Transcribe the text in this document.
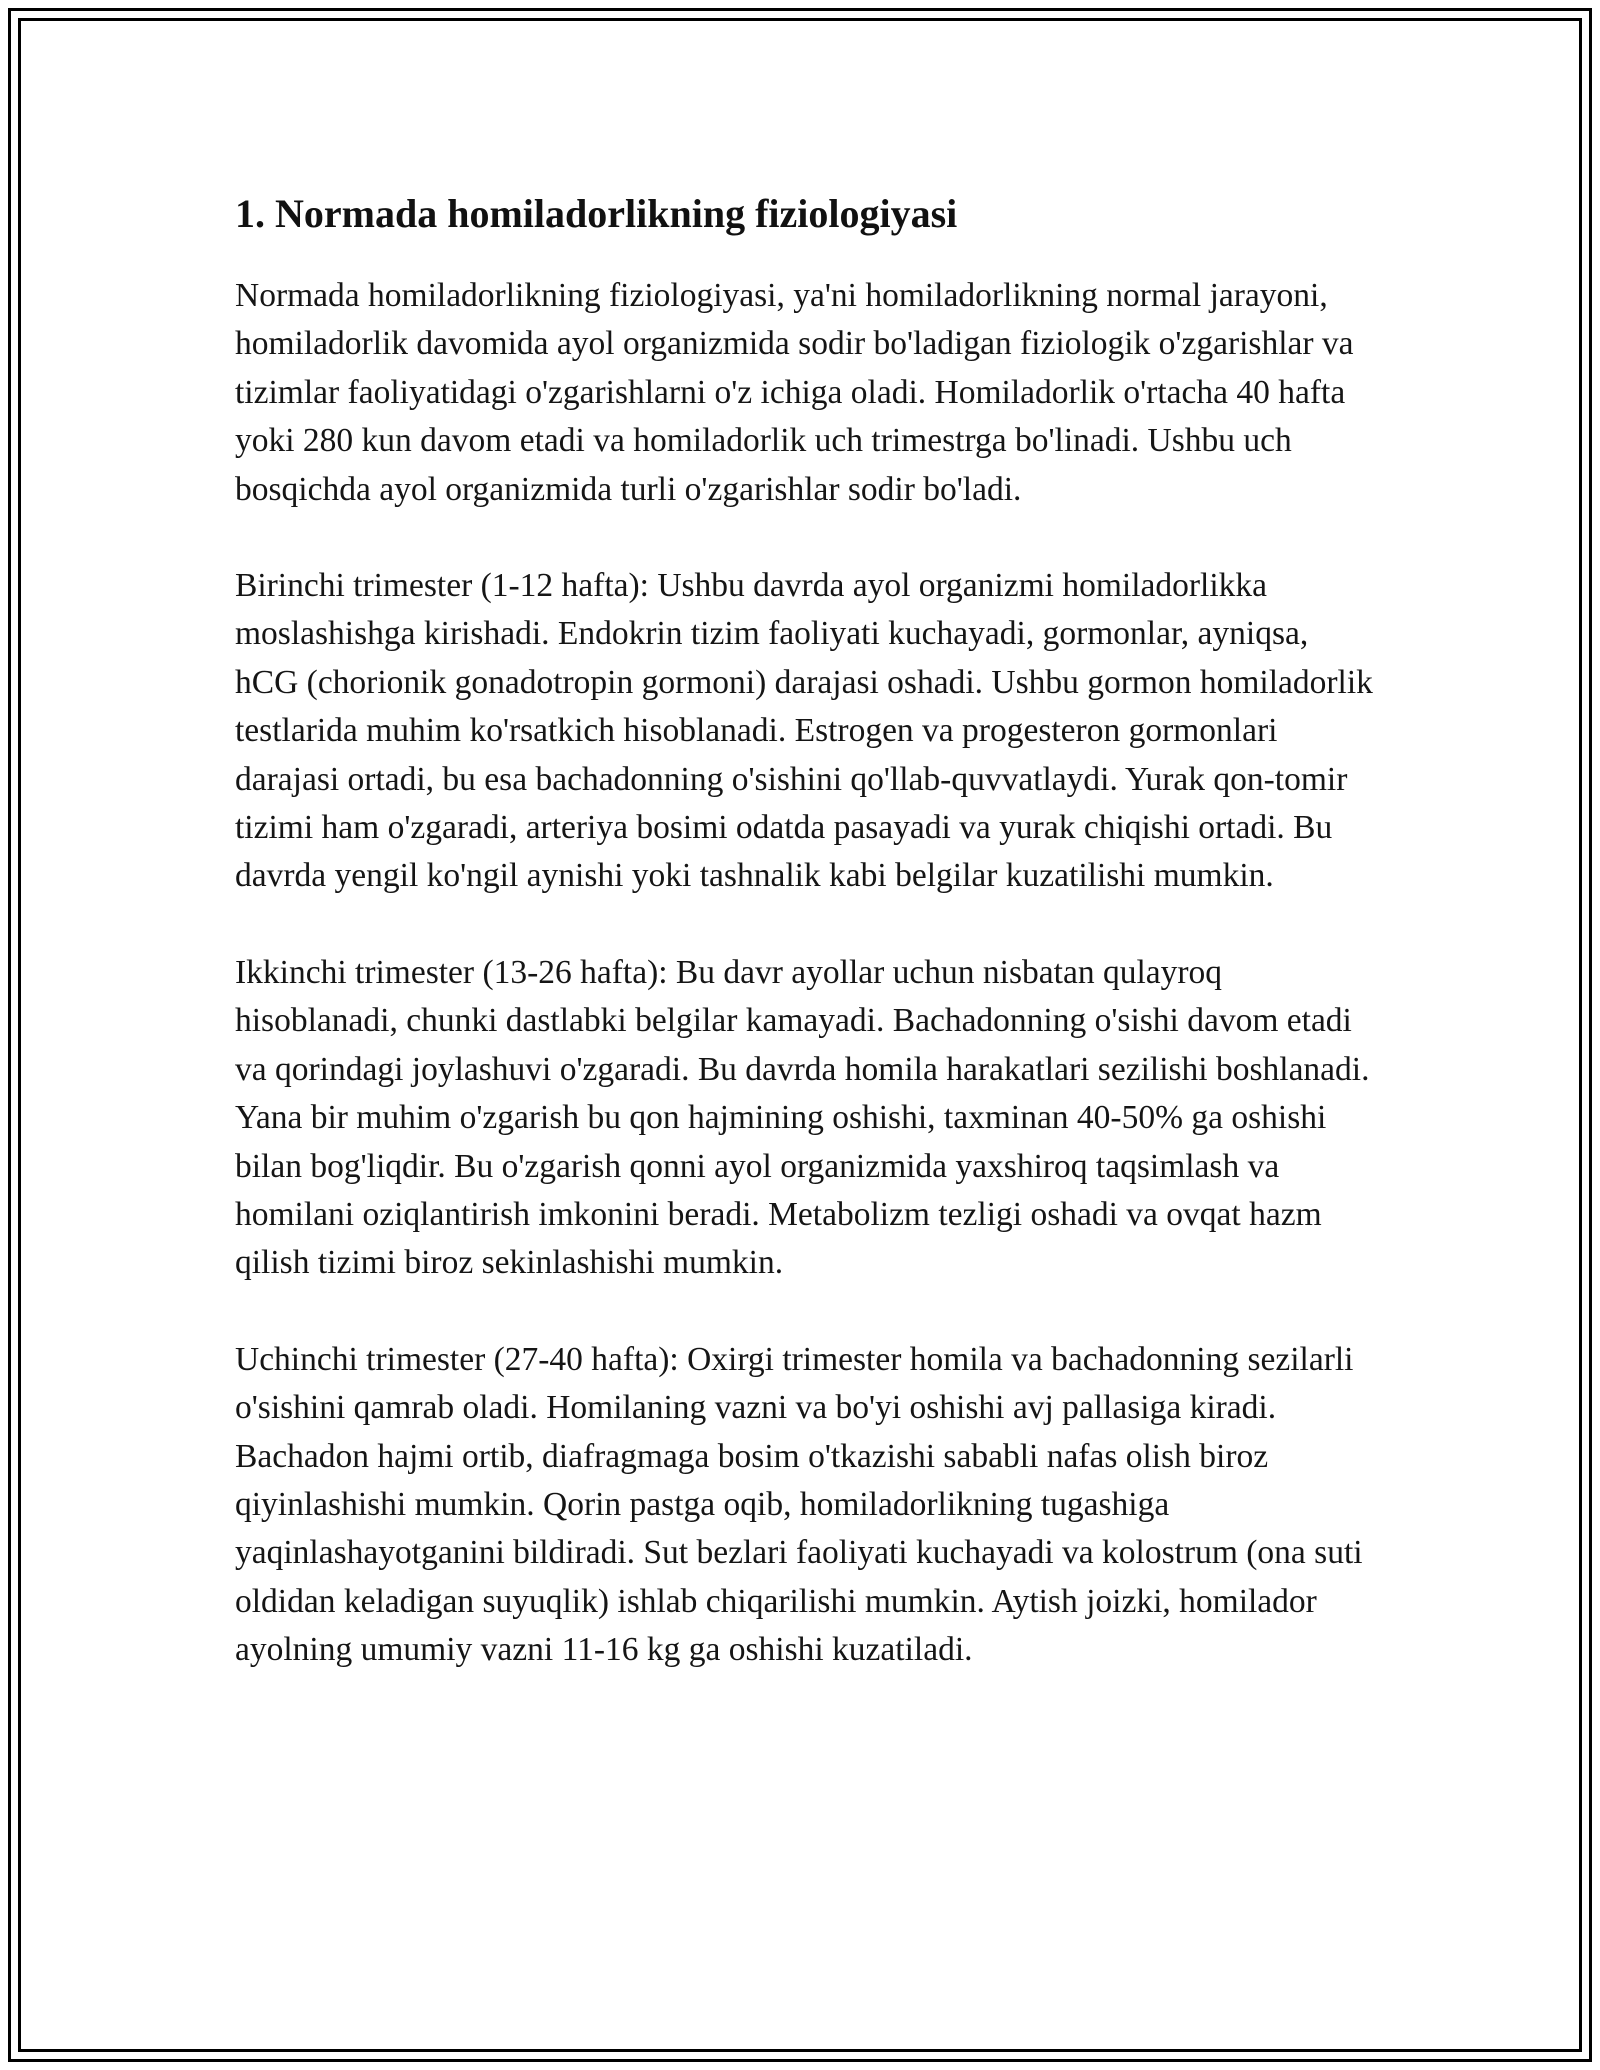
1. Normada homiladorlikning fiziologiyasi

Normada homiladorlikning fiziologiyasi, ya'ni homiladorlikning normal jarayoni, homiladorlik davomida ayol organizmida sodir bo'ladigan fiziologik o'zgarishlar va tizimlar faoliyatidagi o'zgarishlarni o'z ichiga oladi. Homiladorlik o'rtacha 40 hafta yoki 280 kun davom etadi va homiladorlik uch trimestrga bo'linadi. Ushbu uch bosqichda ayol organizmida turli o'zgarishlar sodir bo'ladi.

Birinchi trimester (1-12 hafta): Ushbu davrda ayol organizmi homiladorlikka moslashishga kirishadi. Endokrin tizim faoliyati kuchayadi, gormonlar, ayniqsa, hCG (chorionik gonadotropin gormoni) darajasi oshadi. Ushbu gormon homiladorlik testlarida muhim ko'rsatkich hisoblanadi. Estrogen va progesteron gormonlari darajasi ortadi, bu esa bachadonning o'sishini qo'llab-quvvatlaydi. Yurak qon-tomir tizimi ham o'zgaradi, arteriya bosimi odatda pasayadi va yurak chiqishi ortadi. Bu davrda yengil ko'ngil aynishi yoki tashnalik kabi belgilar kuzatilishi mumkin.

Ikkinchi trimester (13-26 hafta): Bu davr ayollar uchun nisbatan qulayroq hisoblanadi, chunki dastlabki belgilar kamayadi. Bachadonning o'sishi davom etadi va qorindagi joylashuvi o'zgaradi. Bu davrda homila harakatlari sezilishi boshlanadi. Yana bir muhim o'zgarish bu qon hajmining oshishi, taxminan 40-50% ga oshishi bilan bog'liqdir. Bu o'zgarish qonni ayol organizmida yaxshiroq taqsimlash va homilani oziqlantirish imkonini beradi. Metabolizm tezligi oshadi va ovqat hazm qilish tizimi biroz sekinlashishi mumkin.

Uchinchi trimester (27-40 hafta): Oxirgi trimester homila va bachadonning sezilarli o'sishini qamrab oladi. Homilaning vazni va bo'yi oshishi avj pallasiga kiradi. Bachadon hajmi ortib, diafragmaga bosim o'tkazishi sababli nafas olish biroz qiyinlashishi mumkin. Qorin pastga oqib, homiladorlikning tugashiga yaqinlashayotganini bildiradi. Sut bezlari faoliyati kuchayadi va kolostrum (ona suti oldidan keladigan suyuqlik) ishlab chiqarilishi mumkin. Aytish joizki, homilador ayolning umumiy vazni 11-16 kg ga oshishi kuzatiladi.
